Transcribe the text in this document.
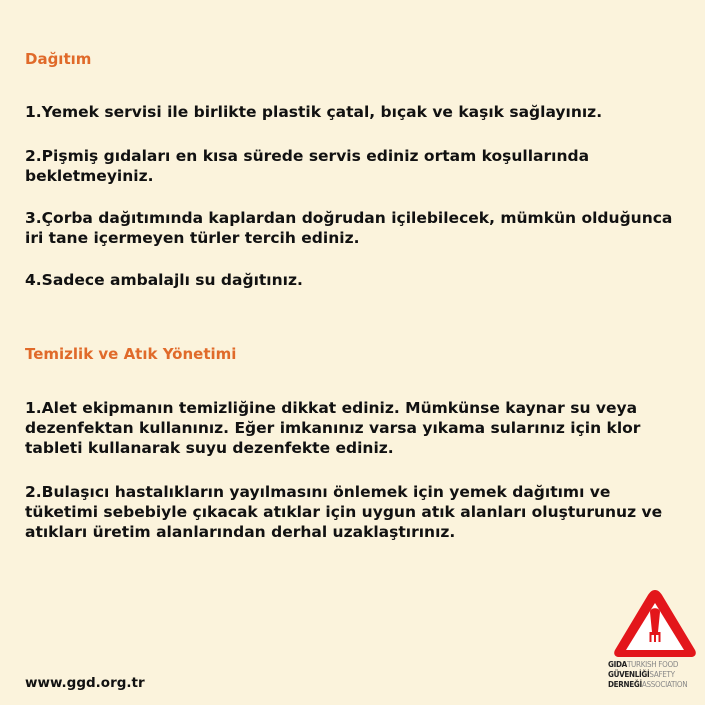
Dağıtım

1.Yemek servisi ile birlikte plastik çatal, bıçak ve kaşık sağlayınız.

2.Pişmiş gıdaları en kısa sürede servis ediniz ortam koşullarında bekletmeyiniz.

3.Çorba dağıtımında kaplardan doğrudan içilebilecek, mümkün olduğunca iri tane içermeyen türler tercih ediniz.

4.Sadece ambalajlı su dağıtınız.

Temizlik ve Atık Yönetimi

1.Alet ekipmanın temizliğine dikkat ediniz. Mümkünse kaynar su veya dezenfektan kullanınız. Eğer imkanınız varsa yıkama sularınız için klor tableti kullanarak suyu dezenfekte ediniz.

2.Bulaşıcı hastalıkların yayılmasını önlemek için yemek dağıtımı ve tüketimi sebebiyle çıkacak atıklar için uygun atık alanları oluşturunuz ve atıkları üretim alanlarından derhal uzaklaştırınız.

www.ggd.org.tr
GIDATURKISH FOOD
GÜVENLİĞİSAFETY
DERNEĞİASSOCIATION
